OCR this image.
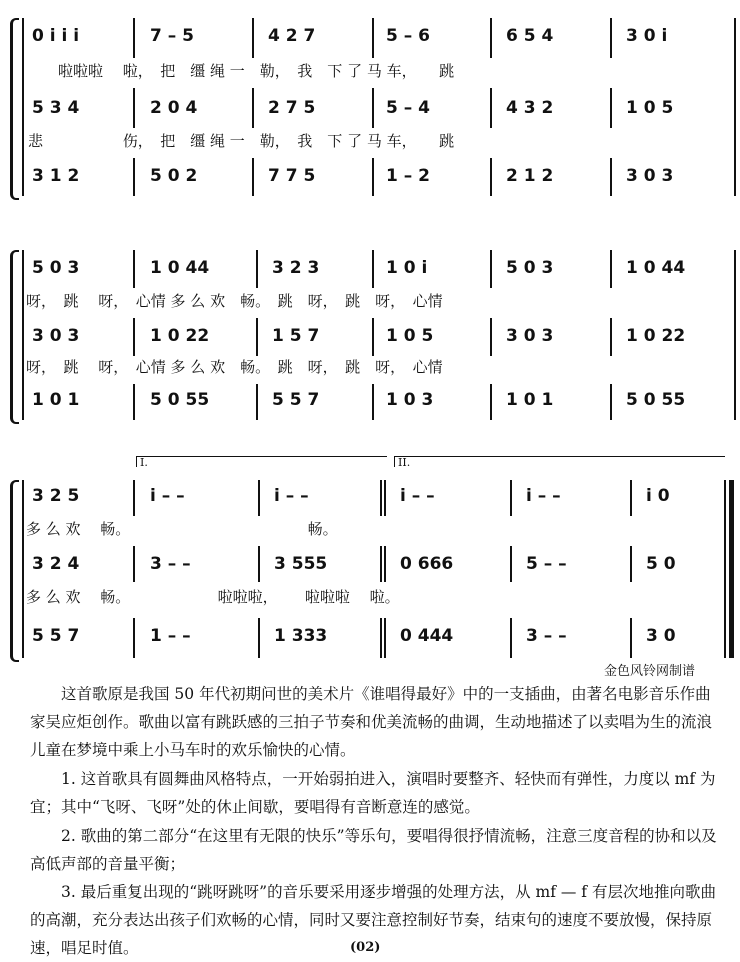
0 i i i	7 – 5	4 2 7	5 – 6	6 5 4	3 0 i
　　啦啦啦　 啦，　把　缰 绳 一　勒，　我　下 了 马 车，　　跳
5 3 4	2 0 4	2 7 5	5 – 4	4 3 2	1 0 5
悲　　　　　 伤，　把　缰 绳 一　勒，　我　下 了 马 车，　　跳
3 1 2	5 0 2	7 7 5	1 – 2	2 1 2	3 0 3
5 0 3	1 0 44	3 2 3	1 0 i	5 0 3	1 0 44
呀，　跳　 呀，　心情 多 么 欢　畅。　跳　呀，　跳　呀，　心情
3 0 3	1 0 22	1 5 7	1 0 5	3 0 3	1 0 22
呀，　跳　 呀，　心情 多 么 欢　畅。　跳　呀，　跳　呀，　心情
1 0 1	5 0 55	5 5 7	1 0 3	1 0 1	5 0 55
I.	II.
3 2 5	i – –	i – –	i – –	i – –	i 0
多 么 欢　 畅。　　　　　　　　　　　　 畅。
3 2 4	3 – –	3 555	0 666	5 – –	5 0
多 么 欢　 畅。　　　　　　 啦啦啦，　　 啦啦啦　 啦。
5 5 7	1 – –	1 333	0 444	3 – –	3 0
金色风铃网制谱
　　这首歌原是我国 50 年代初期问世的美术片《谁唱得最好》中的一支插曲，由著名电影音乐作曲家吴应炬创作。歌曲以富有跳跃感的三拍子节奏和优美流畅的曲调，生动地描述了以卖唱为生的流浪儿童在梦境中乘上小马车时的欢乐愉快的心情。
　　1. 这首歌具有圆舞曲风格特点，一开始弱拍进入，演唱时要整齐、轻快而有弹性，力度以 mf 为宜；其中“飞呀、飞呀”处的休止间歇，要唱得有音断意连的感觉。
　　2. 歌曲的第二部分“在这里有无限的快乐”等乐句，要唱得很抒情流畅，注意三度音程的协和以及高低声部的音量平衡；
　　3. 最后重复出现的“跳呀跳呀”的音乐要采用逐步增强的处理方法，从 mf — f 有层次地推向歌曲的高潮，充分表达出孩子们欢畅的心情，同时又要注意控制好节奏，结束句的速度不要放慢，保持原速，唱足时值。	(02)
